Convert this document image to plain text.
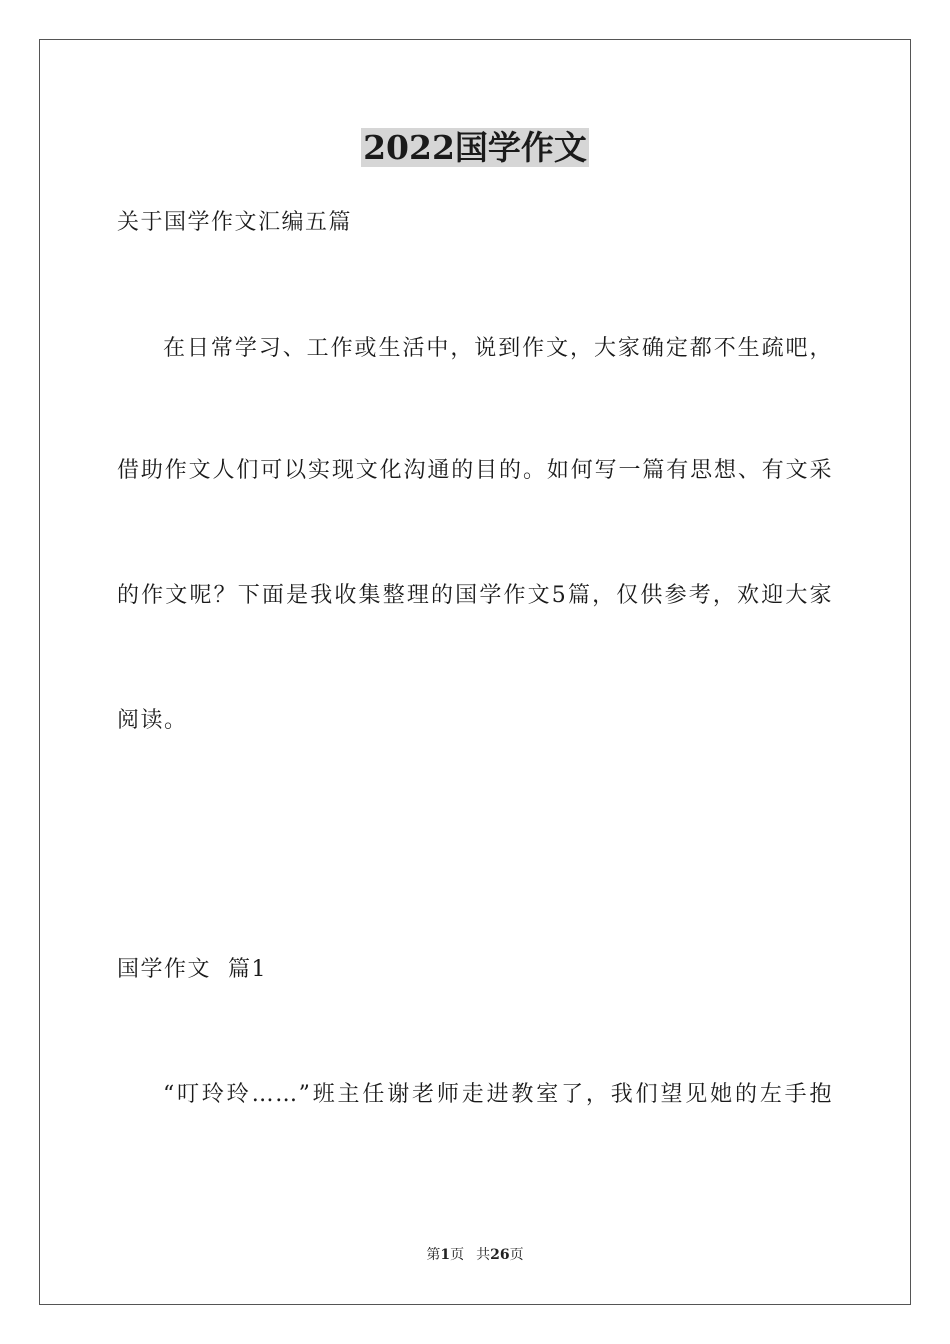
2022国学作文
关于国学作文汇编五篇
在日常学习、工作或生活中，说到作文，大家确定都不生疏吧，
借助作文人们可以实现文化沟通的目的。如何写一篇有思想、有文采
的作文呢？下面是我收集整理的国学作文5篇，仅供参考，欢迎大家
阅读。
国学作文  篇1
“叮玲玲……”班主任谢老师走进教室了，我们望见她的左手抱
第1页 共26页
